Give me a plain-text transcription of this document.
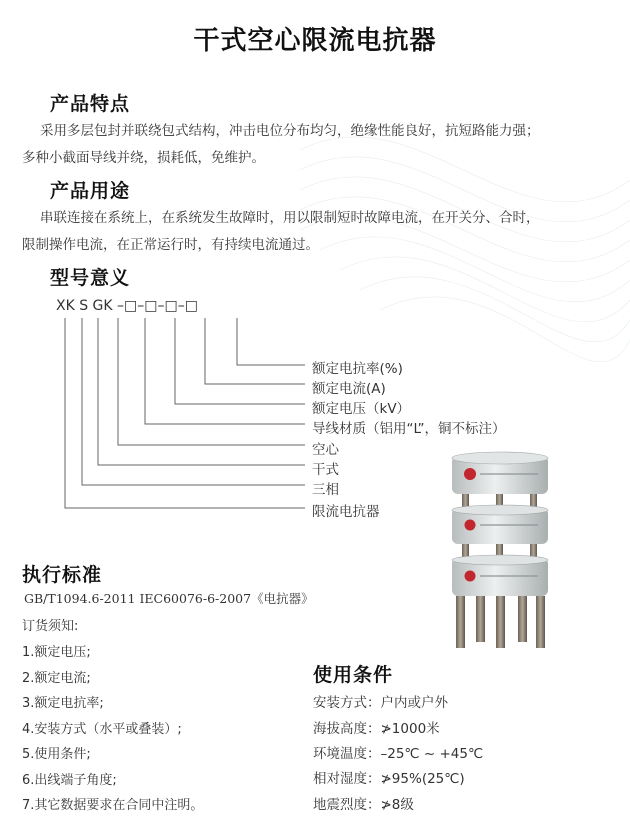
干式空心限流电抗器
产品特点
采用多层包封并联绕包式结构，冲击电位分布均匀，绝缘性能良好，抗短路能力强；
多种小截面导线并绕，损耗低，免维护。
产品用途
串联连接在系统上，在系统发生故障时，用以限制短时故障电流，在开关分、合时，
限制操作电流，在正常运行时，有持续电流通过。
型号意义
XK S GK –□–□–□–□
额定电抗率(%)
额定电流(A)
额定电压（kV）
导线材质（铝用“L”，铜不标注）
空心
干式
三相
限流电抗器
执行标准
GB/T1094.6-2011 IEC60076-6-2007《电抗器》
订货须知:
1.额定电压;
2.额定电流;
3.额定电抗率;
4.安装方式（水平或叠装）;
5.使用条件;
6.出线端子角度;
7.其它数据要求在合同中注明。
使用条件
安装方式：户内或户外
海拔高度：≯1000米
环境温度：–25℃ ~ +45℃
相对湿度：≯95%(25℃)
地震烈度：≯8级
